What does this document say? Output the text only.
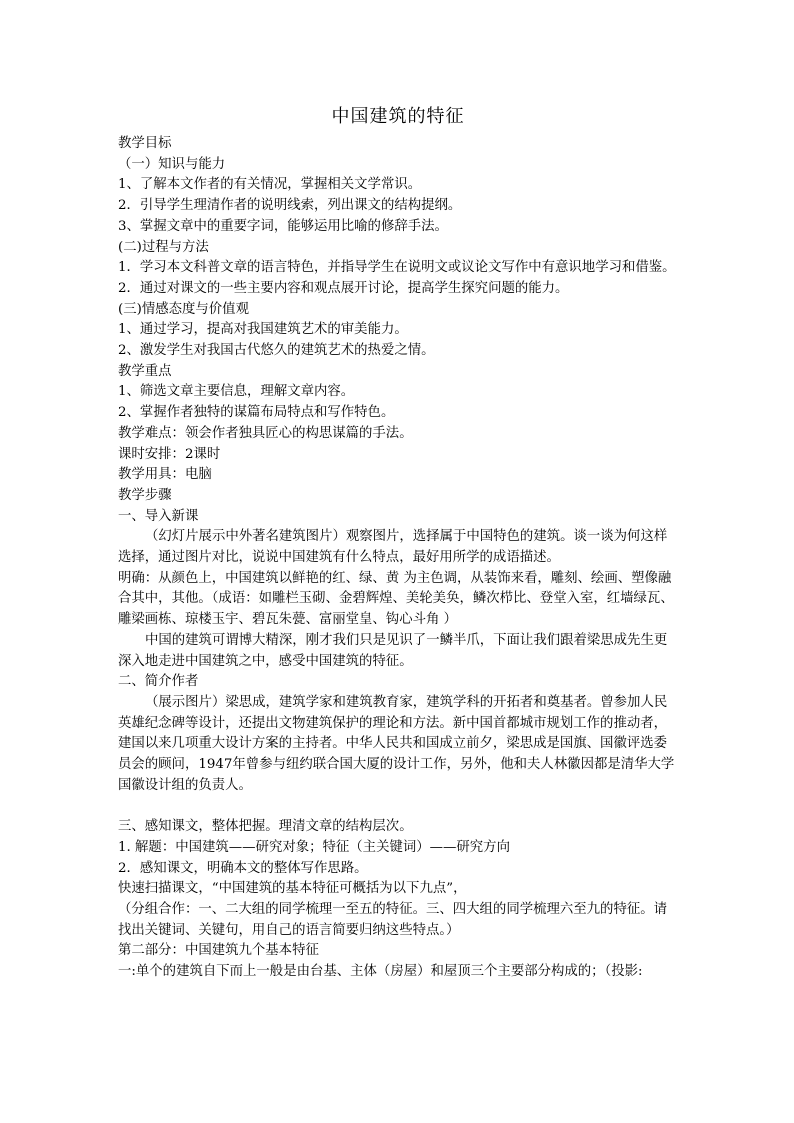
中国建筑的特征
教学目标
（一）知识与能力
1、了解本文作者的有关情况，掌握相关文学常识。
2．引导学生理清作者的说明线索，列出课文的结构提纲。
3、掌握文章中的重要字词，能够运用比喻的修辞手法。
(二)过程与方法
1．学习本文科普文章的语言特色，并指导学生在说明文或议论文写作中有意识地学习和借鉴。
2．通过对课文的一些主要内容和观点展开讨论，提高学生探究问题的能力。
(三)情感态度与价值观
1、通过学习，提高对我国建筑艺术的审美能力。
2、激发学生对我国古代悠久的建筑艺术的热爱之情。
教学重点
1、筛选文章主要信息，理解文章内容。
2、掌握作者独特的谋篇布局特点和写作特色。
教学难点：领会作者独具匠心的构思谋篇的手法。
课时安排：2课时
教学用具：电脑
教学步骤
一、导入新课
（幻灯片展示中外著名建筑图片）观察图片，选择属于中国特色的建筑。谈一谈为何这样选择，通过图片对比，说说中国建筑有什么特点，最好用所学的成语描述。
明确：从颜色上，中国建筑以鲜艳的红、绿、黄 为主色调，从装饰来看，雕刻、绘画、塑像融合其中，其他。（成语：如雕栏玉砌、金碧辉煌、美轮美奂，鳞次栉比、登堂入室，红墙绿瓦、雕梁画栋、琼楼玉宇、碧瓦朱甍、富丽堂皇、钩心斗角 ）
中国的建筑可谓博大精深，刚才我们只是见识了一鳞半爪，下面让我们跟着梁思成先生更深入地走进中国建筑之中，感受中国建筑的特征。
二、简介作者
（展示图片）梁思成，建筑学家和建筑教育家，建筑学科的开拓者和奠基者。曾参加人民英雄纪念碑等设计，还提出文物建筑保护的理论和方法。新中国首都城市规划工作的推动者，建国以来几项重大设计方案的主持者。中华人民共和国成立前夕，梁思成是国旗、国徽评选委员会的顾问，1947年曾参与纽约联合国大厦的设计工作，另外，他和夫人林徽因都是清华大学国徽设计组的负责人。
三、感知课文，整体把握。理清文章的结构层次。
1. 解题：中国建筑——研究对象；特征（主关键词）——研究方向
2．感知课文，明确本文的整体写作思路。
快速扫描课文，“中国建筑的基本特征可概括为以下九点”，
（分组合作：一、二大组的同学梳理一至五的特征。三、四大组的同学梳理六至九的特征。请找出关键词、关键句，用自己的语言简要归纳这些特点。）
第二部分：中国建筑九个基本特征
一:单个的建筑自下而上一般是由台基、主体（房屋）和屋顶三个主要部分构成的；（投影:
